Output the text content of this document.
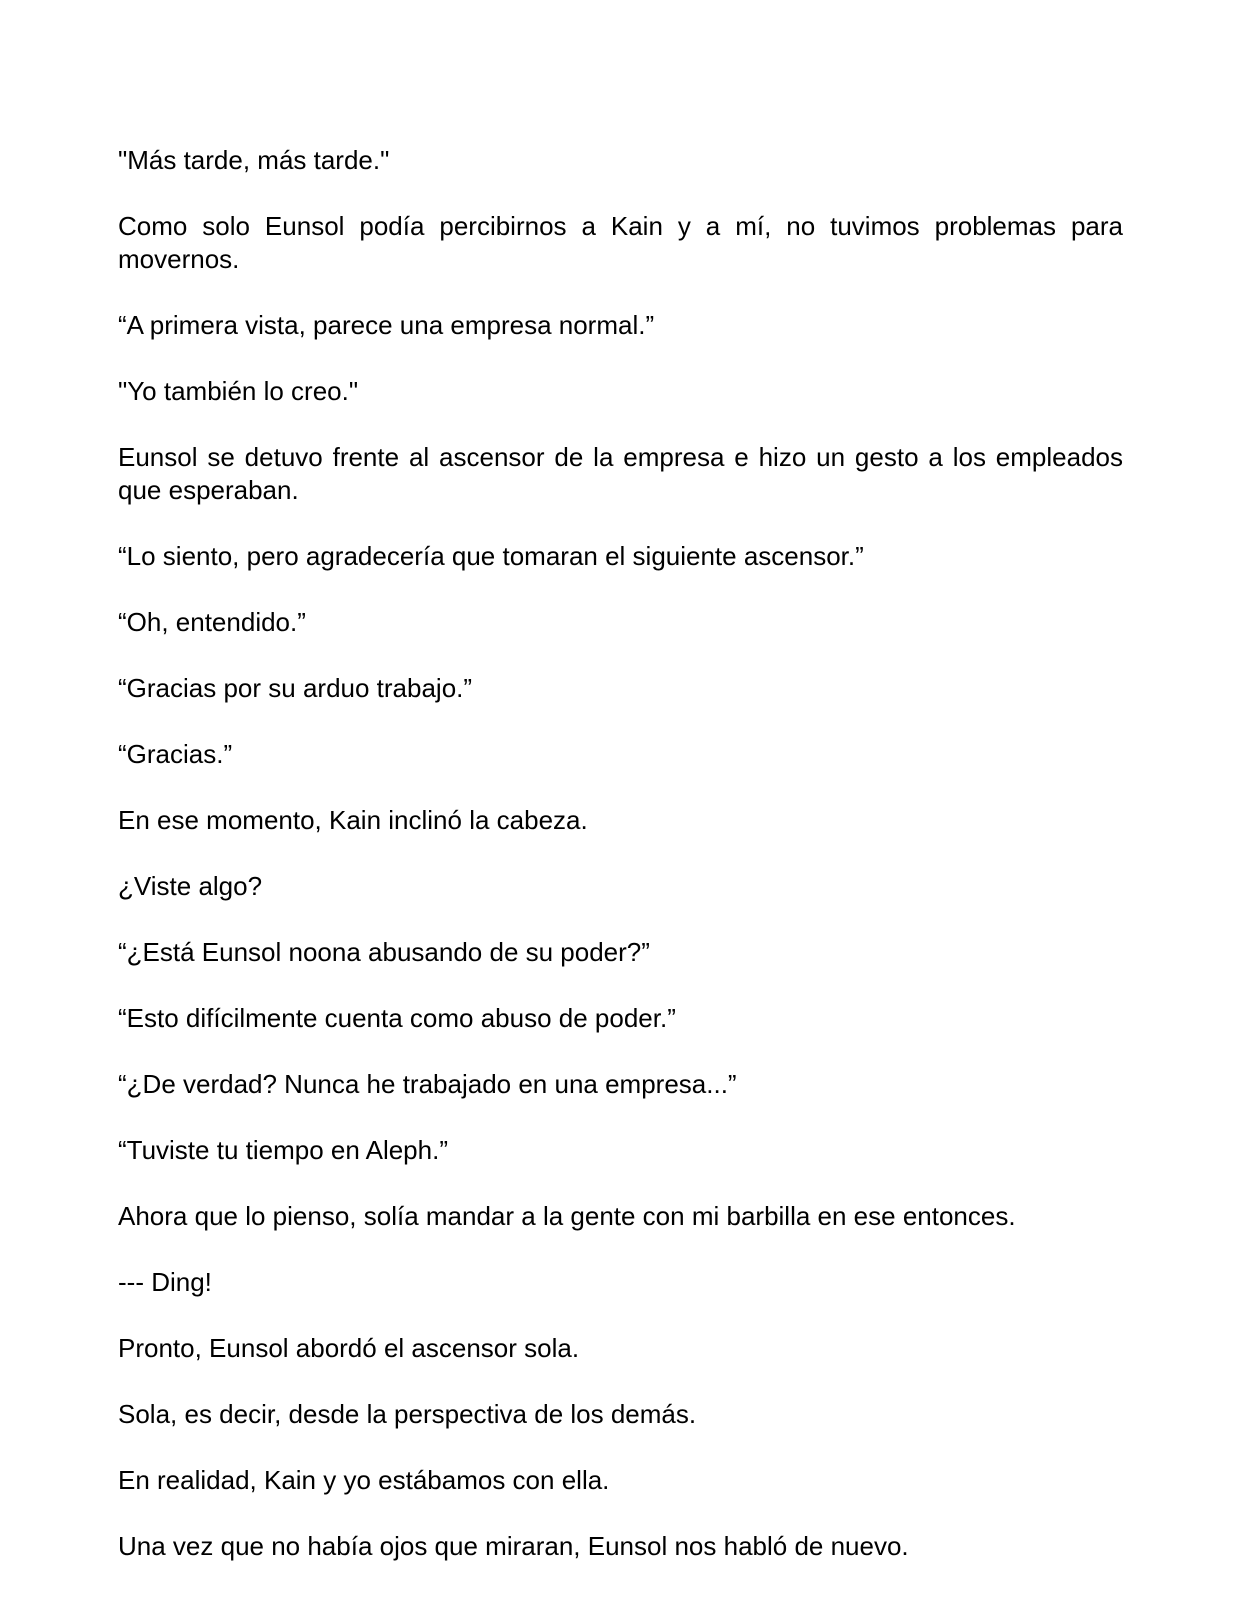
"Más tarde, más tarde."

Como solo Eunsol podía percibirnos a Kain y a mí, no tuvimos problemas para movernos.

“A primera vista, parece una empresa normal.”

"Yo también lo creo."

Eunsol se detuvo frente al ascensor de la empresa e hizo un gesto a los empleados que esperaban.

“Lo siento, pero agradecería que tomaran el siguiente ascensor.”

“Oh, entendido.”

“Gracias por su arduo trabajo.”

“Gracias.”

En ese momento, Kain inclinó la cabeza.

¿Viste algo?

“¿Está Eunsol noona abusando de su poder?”

“Esto difícilmente cuenta como abuso de poder.”

“¿De verdad? Nunca he trabajado en una empresa...”

“Tuviste tu tiempo en Aleph.”

Ahora que lo pienso, solía mandar a la gente con mi barbilla en ese entonces.

--- Ding!

Pronto, Eunsol abordó el ascensor sola.

Sola, es decir, desde la perspectiva de los demás.

En realidad, Kain y yo estábamos con ella.

Una vez que no había ojos que miraran, Eunsol nos habló de nuevo.
